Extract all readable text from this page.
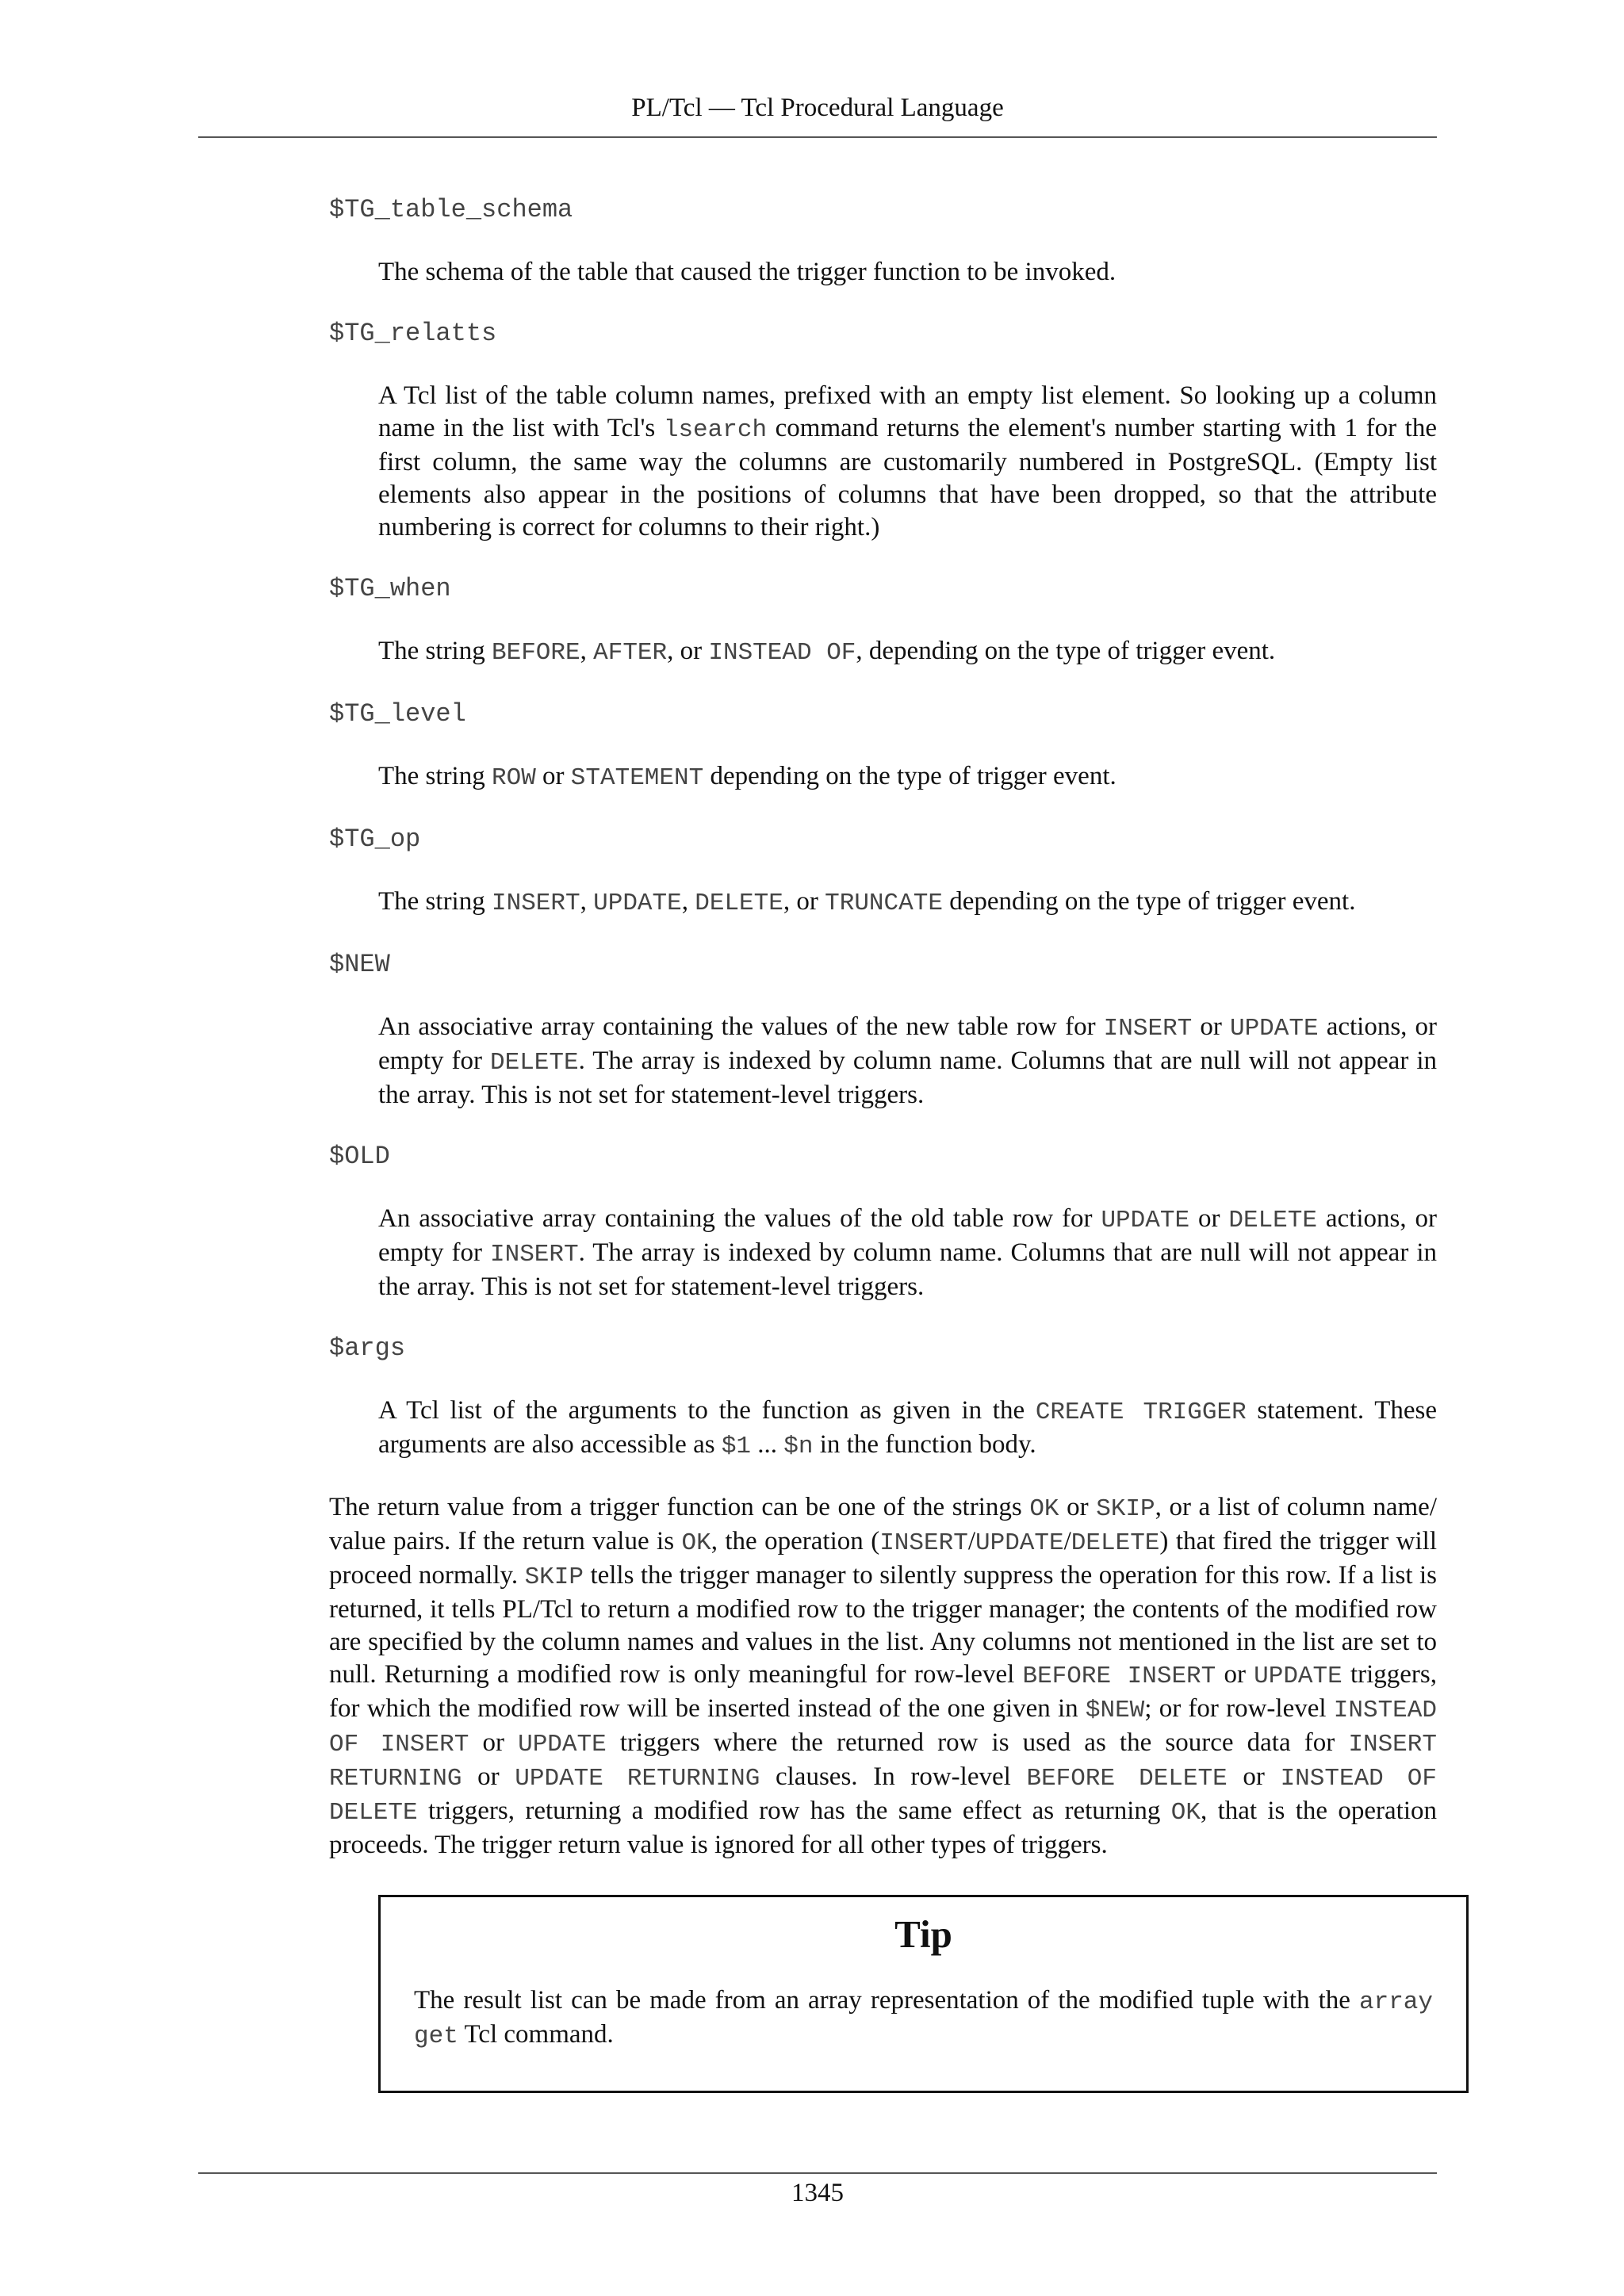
PL/Tcl — Tcl Procedural Language
$TG_table_schema

The schema of the table that caused the trigger function to be invoked.

$TG_relatts

A Tcl list of the table column names, prefixed with an empty list element. So looking up a column name in the list with Tcl's lsearch command returns the element's number starting with 1 for the first column, the same way the columns are customarily numbered in PostgreSQL. (Empty list elements also appear in the positions of columns that have been dropped, so that the attribute numbering is correct for columns to their right.)

$TG_when

The string BEFORE, AFTER, or INSTEAD OF, depending on the type of trigger event.

$TG_level

The string ROW or STATEMENT depending on the type of trigger event.

$TG_op

The string INSERT, UPDATE, DELETE, or TRUNCATE depending on the type of trigger event.

$NEW

An associative array containing the values of the new table row for INSERT or UPDATE actions, or empty for DELETE. The array is indexed by column name. Columns that are null will not appear in the array. This is not set for statement-level triggers.

$OLD

An associative array containing the values of the old table row for UPDATE or DELETE actions, or empty for INSERT. The array is indexed by column name. Columns that are null will not appear in the array. This is not set for statement-level triggers.

$args

A Tcl list of the arguments to the function as given in the CREATE TRIGGER statement. These arguments are also accessible as $1 ... $n in the function body.

The return value from a trigger function can be one of the strings OK or SKIP, or a list of column name/ value pairs. If the return value is OK, the operation (INSERT/UPDATE/DELETE) that fired the trigger will proceed normally. SKIP tells the trigger manager to silently suppress the operation for this row. If a list is returned, it tells PL/Tcl to return a modified row to the trigger manager; the contents of the modified row are specified by the column names and values in the list. Any columns not mentioned in the list are set to null. Returning a modified row is only meaningful for row-level BEFORE INSERT or UPDATE triggers, for which the modified row will be inserted instead of the one given in $NEW; or for row-level INSTEAD OF INSERT or UPDATE triggers where the returned row is used as the source data for INSERT RETURNING or UPDATE RETURNING clauses. In row-level BEFORE DELETE or INSTEAD OF DELETE triggers, returning a modified row has the same effect as returning OK, that is the operation proceeds. The trigger return value is ignored for all other types of triggers.

Tip

The result list can be made from an array representation of the modified tuple with the array get Tcl command.

1345
